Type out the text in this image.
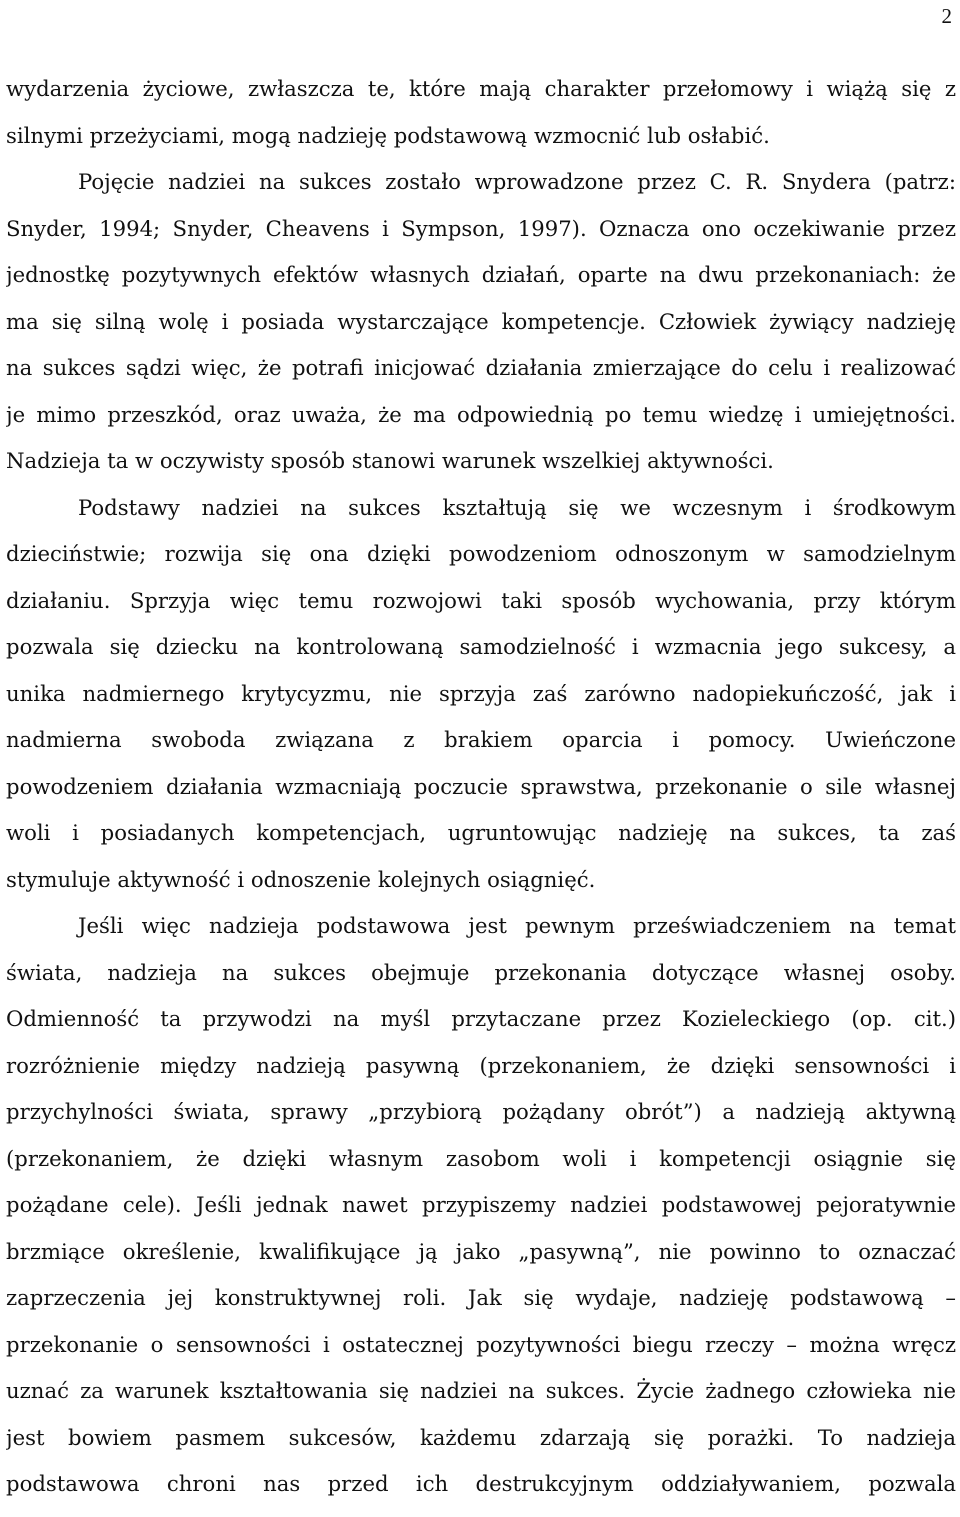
2
wydarzenia życiowe, zwłaszcza te, które mają charakter przełomowy i wiążą się z
silnymi przeżyciami, mogą nadzieję podstawową wzmocnić lub osłabić.
Pojęcie nadziei na sukces zostało wprowadzone przez C. R. Snydera (patrz:
Snyder, 1994; Snyder, Cheavens i Sympson, 1997). Oznacza ono oczekiwanie przez
jednostkę pozytywnych efektów własnych działań, oparte na dwu przekonaniach: że
ma się silną wolę i posiada wystarczające kompetencje. Człowiek żywiący nadzieję
na sukces sądzi więc, że potrafi inicjować działania zmierzające do celu i realizować
je mimo przeszkód, oraz uważa, że ma odpowiednią po temu wiedzę i umiejętności.
Nadzieja ta w oczywisty sposób stanowi warunek wszelkiej aktywności.
Podstawy nadziei na sukces kształtują się we wczesnym i środkowym
dzieciństwie; rozwija się ona dzięki powodzeniom odnoszonym w samodzielnym
działaniu. Sprzyja więc temu rozwojowi taki sposób wychowania, przy którym
pozwala się dziecku na kontrolowaną samodzielność i wzmacnia jego sukcesy, a
unika nadmiernego krytycyzmu, nie sprzyja zaś zarówno nadopiekuńczość, jak i
nadmierna swoboda związana z brakiem oparcia i pomocy. Uwieńczone
powodzeniem działania wzmacniają poczucie sprawstwa, przekonanie o sile własnej
woli i posiadanych kompetencjach, ugruntowując nadzieję na sukces, ta zaś
stymuluje aktywność i odnoszenie kolejnych osiągnięć.
Jeśli więc nadzieja podstawowa jest pewnym przeświadczeniem na temat
świata, nadzieja na sukces obejmuje przekonania dotyczące własnej osoby.
Odmienność ta przywodzi na myśl przytaczane przez Kozieleckiego (op. cit.)
rozróżnienie między nadzieją pasywną (przekonaniem, że dzięki sensowności i
przychylności świata, sprawy „przybiorą pożądany obrót”) a nadzieją aktywną
(przekonaniem, że dzięki własnym zasobom woli i kompetencji osiągnie się
pożądane cele). Jeśli jednak nawet przypiszemy nadziei podstawowej pejoratywnie
brzmiące określenie, kwalifikujące ją jako „pasywną”, nie powinno to oznaczać
zaprzeczenia jej konstruktywnej roli. Jak się wydaje, nadzieję podstawową –
przekonanie o sensowności i ostatecznej pozytywności biegu rzeczy – można wręcz
uznać za warunek kształtowania się nadziei na sukces. Życie żadnego człowieka nie
jest bowiem pasmem sukcesów, każdemu zdarzają się porażki. To nadzieja
podstawowa chroni nas przed ich destrukcyjnym oddziaływaniem, pozwala
